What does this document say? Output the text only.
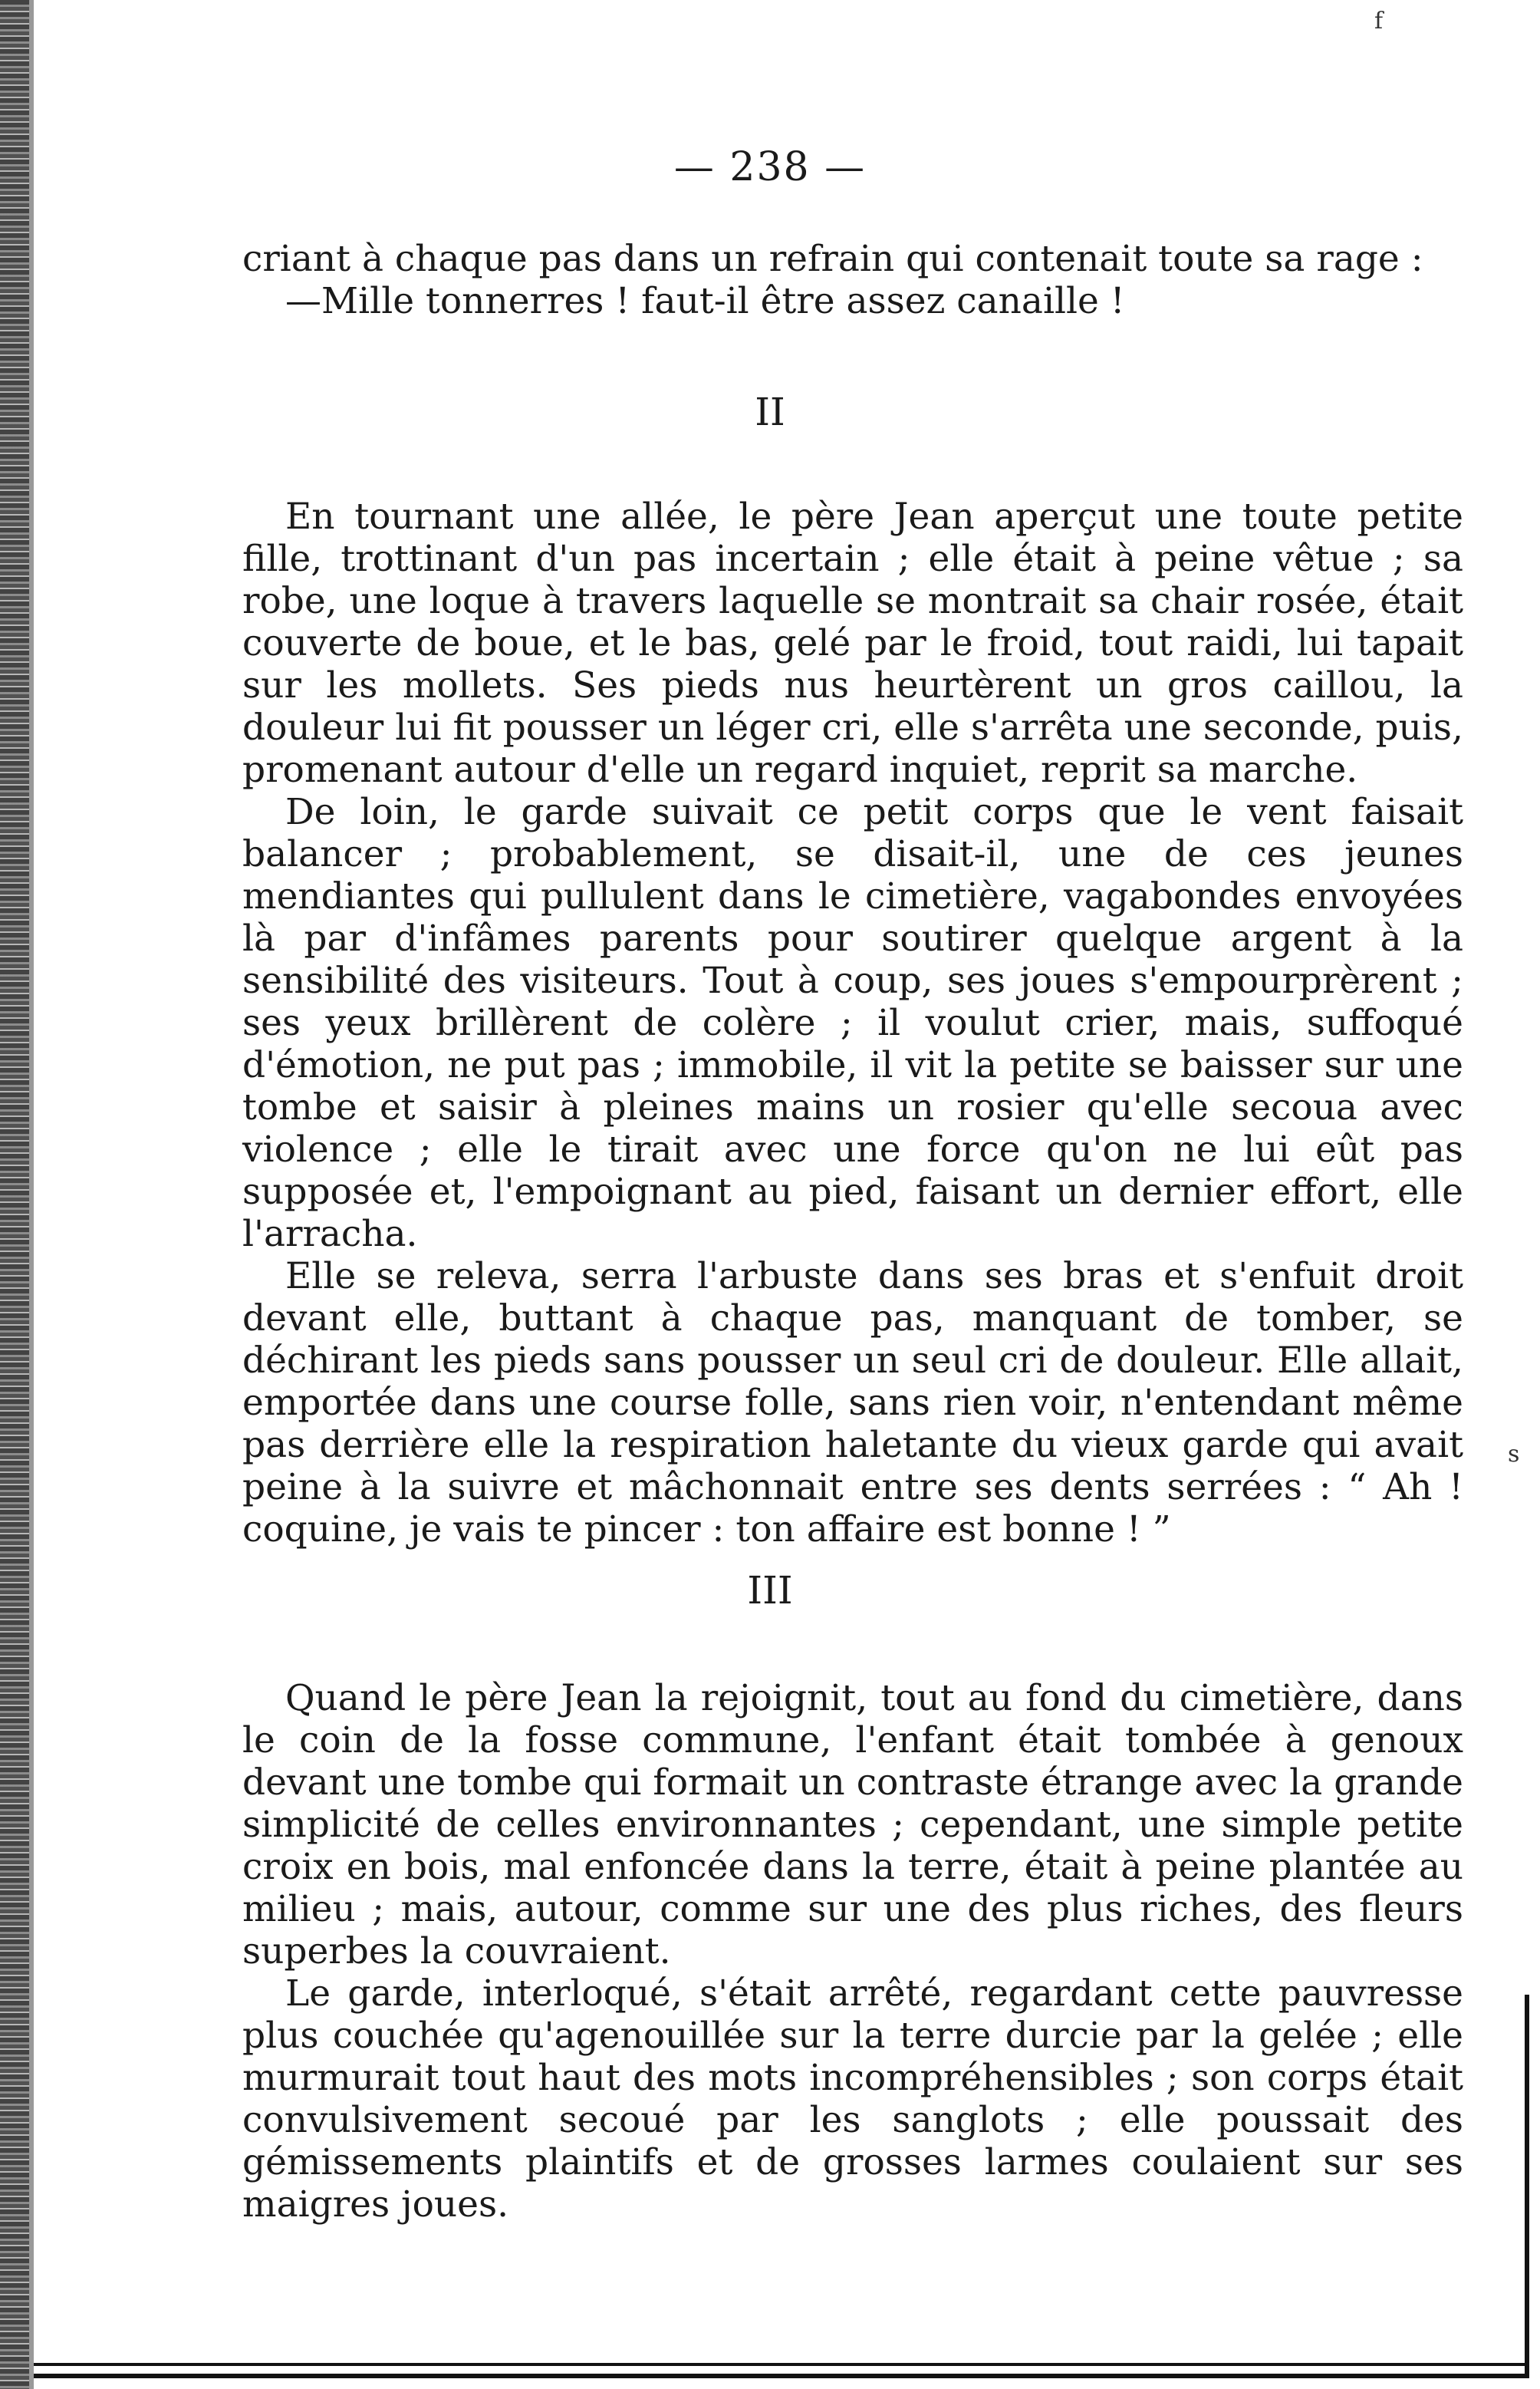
f
s
— 238 —

criant à chaque pas dans un refrain qui contenait toute sa rage :

—Mille tonnerres ! faut-il être assez canaille !

II

En tournant une allée, le père Jean aperçut une toute petite fille, trottinant d'un pas incertain ; elle était à peine vêtue ; sa robe, une loque à travers laquelle se montrait sa chair rosée, était couverte de boue, et le bas, gelé par le froid, tout raidi, lui tapait sur les mollets. Ses pieds nus heurtèrent un gros caillou, la douleur lui fit pousser un léger cri, elle s'arrêta une seconde, puis, promenant autour d'elle un regard inquiet, reprit sa marche.

De loin, le garde suivait ce petit corps que le vent faisait balancer ; probablement, se disait-il, une de ces jeunes mendiantes qui pullulent dans le cimetière, vagabondes envoyées là par d'infâmes parents pour soutirer quelque argent à la sensibilité des visiteurs. Tout à coup, ses joues s'empourprèrent ; ses yeux brillèrent de colère ; il voulut crier, mais, suffoqué d'émotion, ne put pas ; immobile, il vit la petite se baisser sur une tombe et saisir à pleines mains un rosier qu'elle secoua avec violence ; elle le tirait avec une force qu'on ne lui eût pas supposée et, l'empoignant au pied, faisant un dernier effort, elle l'arracha.

Elle se releva, serra l'arbuste dans ses bras et s'enfuit droit devant elle, buttant à chaque pas, manquant de tomber, se déchirant les pieds sans pousser un seul cri de douleur. Elle allait, emportée dans une course folle, sans rien voir, n'entendant même pas derrière elle la respiration haletante du vieux garde qui avait peine à la suivre et mâchonnait entre ses dents serrées : “ Ah ! coquine, je vais te pincer : ton affaire est bonne ! ”

III

Quand le père Jean la rejoignit, tout au fond du cimetière, dans le coin de la fosse commune, l'enfant était tombée à genoux devant une tombe qui formait un contraste étrange avec la grande simplicité de celles environnantes ; cependant, une simple petite croix en bois, mal enfoncée dans la terre, était à peine plantée au milieu ; mais, autour, comme sur une des plus riches, des fleurs superbes la couvraient.

Le garde, interloqué, s'était arrêté, regardant cette pauvresse plus couchée qu'agenouillée sur la terre durcie par la gelée ; elle murmurait tout haut des mots incompréhensibles ; son corps était convulsivement secoué par les sanglots ; elle poussait des gémissements plaintifs et de grosses larmes coulaient sur ses maigres joues.
